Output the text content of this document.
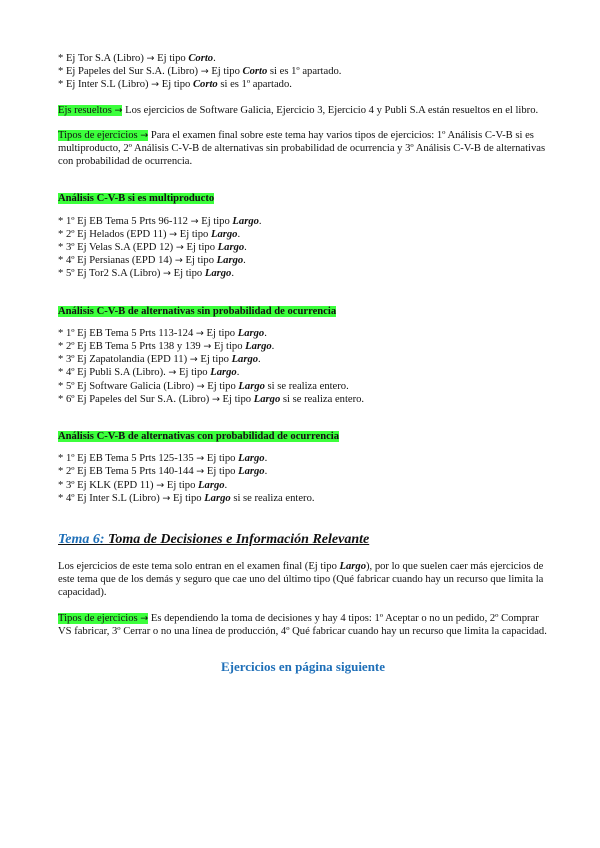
* Ej Tor S.A (Libro) → Ej tipo Corto.
* Ej Papeles del Sur S.A. (Libro) → Ej tipo Corto si es 1º apartado.
* Ej Inter S.L (Libro) → Ej tipo Corto si es 1º apartado.
Ejs resueltos → Los ejercicios de Software Galicia, Ejercicio 3, Ejercicio 4 y Publi S.A están resueltos en el libro.
Tipos de ejercicios → Para el examen final sobre este tema hay varios tipos de ejercicios: 1º Análisis C-V-B si es multiproducto, 2º Análisis C-V-B de alternativas sin probabilidad de ocurrencia y 3º Análisis C-V-B de alternativas con probabilidad de ocurrencia.
Análisis C-V-B si es multiproducto
* 1º Ej EB Tema 5 Prts 96-112 → Ej tipo Largo.
* 2º Ej Helados (EPD 11) → Ej tipo Largo.
* 3º Ej Velas S.A (EPD 12) → Ej tipo Largo.
* 4º Ej Persianas (EPD 14) → Ej tipo Largo.
* 5º Ej Tor2 S.A (Libro) → Ej tipo Largo.
Análisis C-V-B de alternativas sin probabilidad de ocurrencia
* 1º Ej EB Tema 5 Prts 113-124 → Ej tipo Largo.
* 2º Ej EB Tema 5 Prts 138 y 139 → Ej tipo Largo.
* 3º Ej Zapatolandia (EPD 11) → Ej tipo Largo.
* 4º Ej Publi S.A (Libro). → Ej tipo Largo.
* 5º Ej Software Galicia (Libro) → Ej tipo Largo si se realiza entero.
* 6º Ej Papeles del Sur S.A. (Libro) → Ej tipo Largo si se realiza entero.
Análisis C-V-B de alternativas con probabilidad de ocurrencia
* 1º Ej EB Tema 5 Prts 125-135 → Ej tipo Largo.
* 2º Ej EB Tema 5 Prts 140-144 → Ej tipo Largo.
* 3º Ej KLK (EPD 11) → Ej tipo Largo.
* 4º Ej Inter S.L (Libro) → Ej tipo Largo si se realiza entero.
Tema 6: Toma de Decisiones e Información Relevante
Los ejercicios de este tema solo entran en el examen final (Ej tipo Largo), por lo que suelen caer más ejercicios de este tema que de los demás y seguro que cae uno del último tipo (Qué fabricar cuando hay un recurso que limita la capacidad).
Tipos de ejercicios → Es dependiendo la toma de decisiones y hay 4 tipos: 1º Aceptar o no un pedido, 2º Comprar VS fabricar, 3º Cerrar o no una línea de producción, 4º Qué fabricar cuando hay un recurso que limita la capacidad.
Ejercicios en página siguiente
